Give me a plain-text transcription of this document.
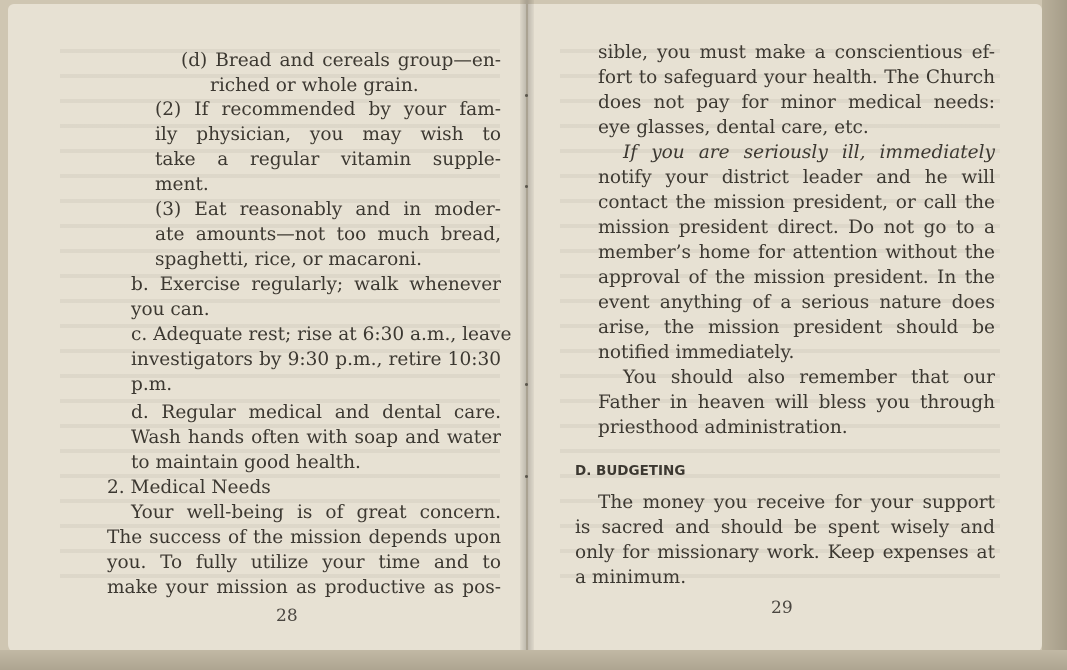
(d) Bread and cereals group—en-
riched or whole grain.
(2) If recommended by your fam-
ily physician, you may wish to
take a regular vitamin supple-
ment.
(3) Eat reasonably and in moder-
ate amounts—not too much bread,
spaghetti, rice, or macaroni.
b. Exercise regularly; walk whenever
you can.
c. Adequate rest; rise at 6:30 a.m., leave
investigators by 9:30 p.m., retire 10:30
p.m.
d. Regular medical and dental care.
Wash hands often with soap and water
to maintain good health.
2. Medical Needs
Your well-being is of great concern.
The success of the mission depends upon
you. To fully utilize your time and to
make your mission as productive as pos-
28
sible, you must make a conscientious ef-
fort to safeguard your health. The Church
does not pay for minor medical needs:
eye glasses, dental care, etc.
If you are seriously ill, immediately
notify your district leader and he will
contact the mission president, or call the
mission president direct. Do not go to a
member’s home for attention without the
approval of the mission president. In the
event anything of a serious nature does
arise, the mission president should be
notified immediately.
You should also remember that our
Father in heaven will bless you through
priesthood administration.
D. BUDGETING
The money you receive for your support
is sacred and should be spent wisely and
only for missionary work. Keep expenses at
a minimum.
29
